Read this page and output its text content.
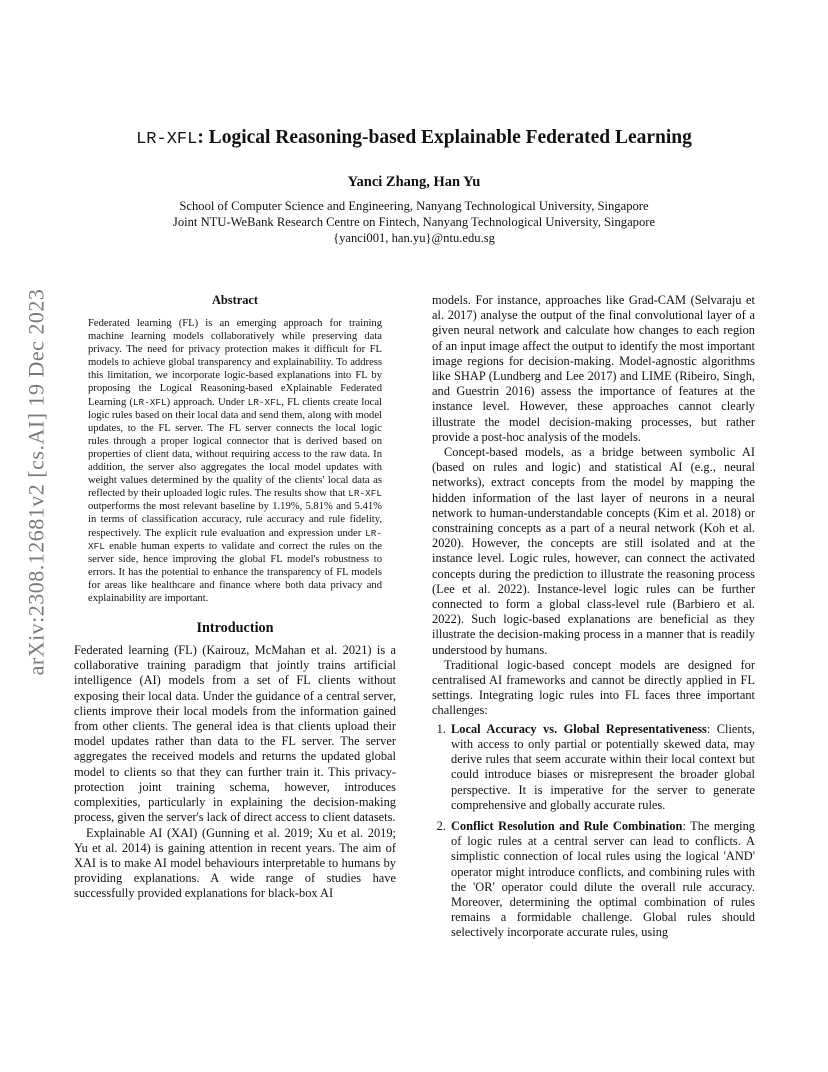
arXiv:2308.12681v2 [cs.AI] 19 Dec 2023
LR-XFL: Logical Reasoning-based Explainable Federated Learning
Yanci Zhang, Han Yu
School of Computer Science and Engineering, Nanyang Technological University, Singapore
Joint NTU-WeBank Research Centre on Fintech, Nanyang Technological University, Singapore
{yanci001, han.yu}@ntu.edu.sg
Abstract

Federated learning (FL) is an emerging approach for training machine learning models collaboratively while preserving data privacy. The need for privacy protection makes it difficult for FL models to achieve global transparency and explainability. To address this limitation, we incorporate logic-based explanations into FL by proposing the Logical Reasoning-based eXplainable Federated Learning (LR-XFL) approach. Under LR-XFL, FL clients create local logic rules based on their local data and send them, along with model updates, to the FL server. The FL server connects the local logic rules through a proper logical connector that is derived based on properties of client data, without requiring access to the raw data. In addition, the server also aggregates the local model updates with weight values determined by the quality of the clients' local data as reflected by their uploaded logic rules. The results show that LR-XFL outperforms the most relevant baseline by 1.19%, 5.81% and 5.41% in terms of classification accuracy, rule accuracy and rule fidelity, respectively. The explicit rule evaluation and expression under LR-XFL enable human experts to validate and correct the rules on the server side, hence improving the global FL model's robustness to errors. It has the potential to enhance the transparency of FL models for areas like healthcare and finance where both data privacy and explainability are important.

Introduction

Federated learning (FL) (Kairouz, McMahan et al. 2021) is a collaborative training paradigm that jointly trains artificial intelligence (AI) models from a set of FL clients without exposing their local data. Under the guidance of a central server, clients improve their local models from the information gained from other clients. The general idea is that clients upload their model updates rather than data to the FL server. The server aggregates the received models and returns the updated global model to clients so that they can further train it. This privacy-protection joint training schema, however, introduces complexities, particularly in explaining the decision-making process, given the server's lack of direct access to client datasets.

Explainable AI (XAI) (Gunning et al. 2019; Xu et al. 2019; Yu et al. 2014) is gaining attention in recent years. The aim of XAI is to make AI model behaviours interpretable to humans by providing explanations. A wide range of studies have successfully provided explanations for black-box AI

models. For instance, approaches like Grad-CAM (Selvaraju et al. 2017) analyse the output of the final convolutional layer of a given neural network and calculate how changes to each region of an input image affect the output to identify the most important image regions for decision-making. Model-agnostic algorithms like SHAP (Lundberg and Lee 2017) and LIME (Ribeiro, Singh, and Guestrin 2016) assess the importance of features at the instance level. However, these approaches cannot clearly illustrate the model decision-making processes, but rather provide a post-hoc analysis of the models.

Concept-based models, as a bridge between symbolic AI (based on rules and logic) and statistical AI (e.g., neural networks), extract concepts from the model by mapping the hidden information of the last layer of neurons in a neural network to human-understandable concepts (Kim et al. 2018) or constraining concepts as a part of a neural network (Koh et al. 2020). However, the concepts are still isolated and at the instance level. Logic rules, however, can connect the activated concepts during the prediction to illustrate the reasoning process (Lee et al. 2022). Instance-level logic rules can be further connected to form a global class-level rule (Barbiero et al. 2022). Such logic-based explanations are beneficial as they illustrate the decision-making process in a manner that is readily understood by humans.

Traditional logic-based concept models are designed for centralised AI frameworks and cannot be directly applied in FL settings. Integrating logic rules into FL faces three important challenges:

1. Local Accuracy vs. Global Representativeness: Clients, with access to only partial or potentially skewed data, may derive rules that seem accurate within their local context but could introduce biases or misrepresent the broader global perspective. It is imperative for the server to generate comprehensive and globally accurate rules.
2. Conflict Resolution and Rule Combination: The merging of logic rules at a central server can lead to conflicts. A simplistic connection of local rules using the logical 'AND' operator might introduce conflicts, and combining rules with the 'OR' operator could dilute the overall rule accuracy. Moreover, determining the optimal combination of rules remains a formidable challenge. Global rules should selectively incorporate accurate rules, using
